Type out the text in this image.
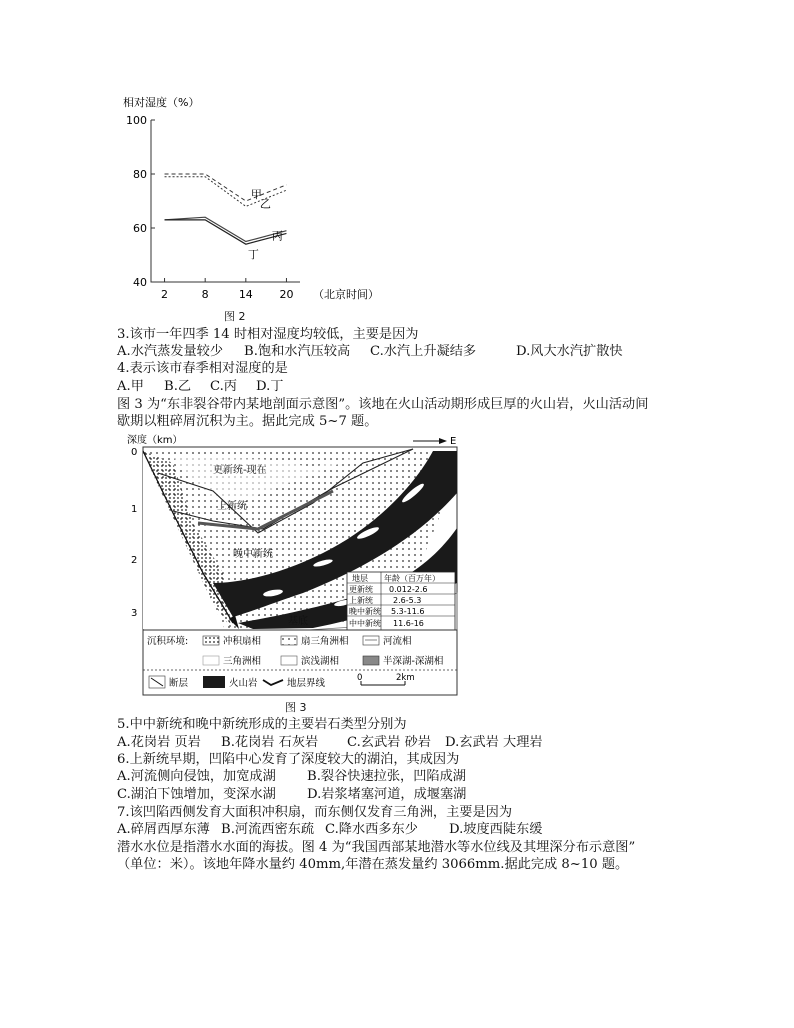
相对湿度（%）
100
80
60
40
2	8	14 20
甲
乙
丙
丁
（北京时间）
图 2
3.该市一年四季 14 时相对湿度均较低，主要是因为
A.水汽蒸发量较少 B.饱和水汽压较高 C.水汽上升凝结多	D.风大水汽扩散快
4.表示该市春季相对湿度的是
A.甲 B.乙 C.丙 D.丁
图 3 为“东非裂谷带内某地剖面示意图”。该地在火山活动期形成巨厚的火山岩，火山活动间
歇期以粗碎屑沉积为主。据此完成 5~7 题。
深度（km）	E
0
1
2
3
更新统-现在
上新统
晚中新统
基底
地层 年龄（百万年）
更新统 0.012-2.6
上新统	2.6-5.3
晚中新统 5.3-11.6
中中新统 11.6-16
沉积环境:	冲积扇相	扇三角洲相	河流相
三角洲相	滨浅湖相	半深湖-深湖相
断层	火山岩	地层界线	0	2km
图 3
5.中中新统和晚中新统形成的主要岩石类型分别为
A.花岗岩 页岩 B.花岗岩 石灰岩 C.玄武岩 砂岩 D.玄武岩 大理岩
6.上新统早期，凹陷中心发育了深度较大的湖泊，其成因为
A.河流侧向侵蚀，加宽成湖 B.裂谷快速拉张，凹陷成湖
C.湖泊下蚀增加，变深水湖 D.岩浆堵塞河道，成堰塞湖
7.该凹陷西侧发育大面积冲积扇，而东侧仅发育三角洲，主要是因为
A.碎屑西厚东薄 B.河流西密东疏 C.降水西多东少 D.坡度西陡东缓
潜水水位是指潜水水面的海拔。图 4 为“我国西部某地潜水等水位线及其埋深分布示意图”
（单位：米）。该地年降水量约 40mm,年潜在蒸发量约 3066mm.据此完成 8~10 题。
